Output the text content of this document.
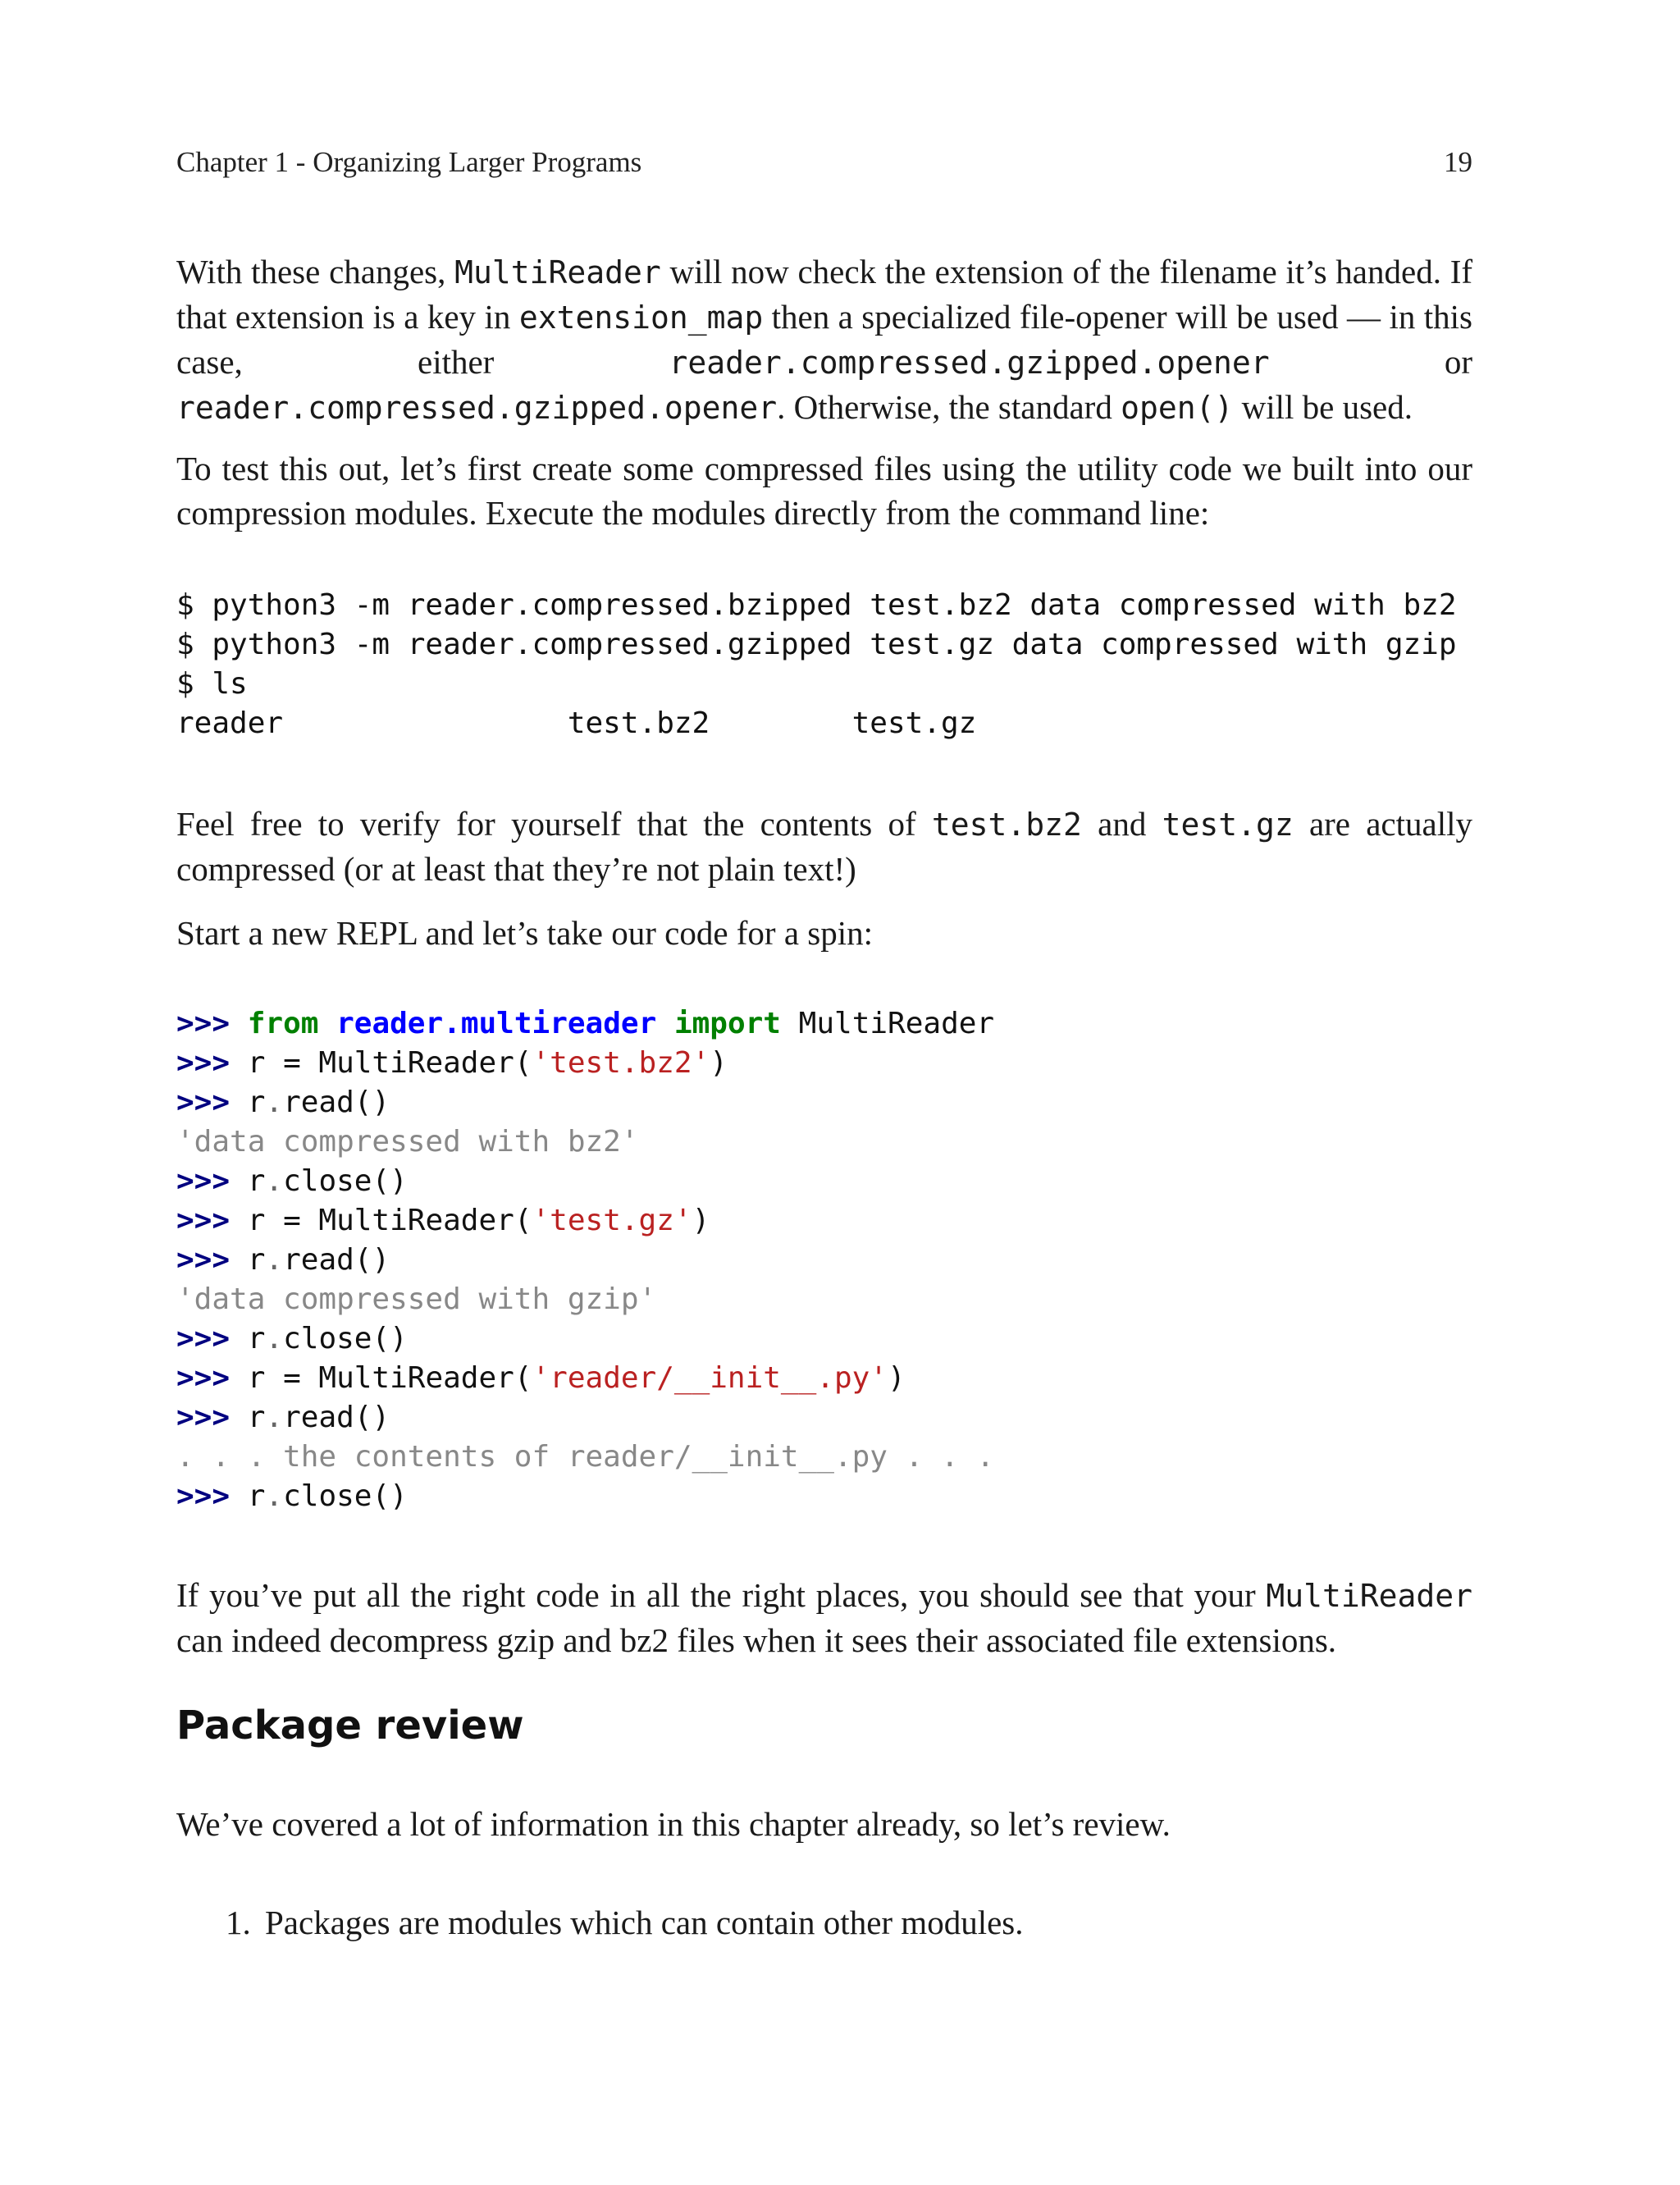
Chapter 1 - Organizing Larger Programs	19

With these changes, MultiReader will now check the extension of the filename it’s handed. If that extension is a key in extension_map then a specialized file-opener will be used — in this case, either reader.compressed.gzipped.opener or reader.compressed.gzipped.opener. Otherwise, the standard open() will be used.

To test this out, let’s first create some compressed files using the utility code we built into our compression modules. Execute the modules directly from the command line:

$ python3 -m reader.compressed.bzipped test.bz2 data compressed with bz2
$ python3 -m reader.compressed.gzipped test.gz data compressed with gzip
$ ls
reader                test.bz2        test.gz

Feel free to verify for yourself that the contents of test.bz2 and test.gz are actually compressed (or at least that they’re not plain text!)

Start a new REPL and let’s take our code for a spin:

>>> from reader.multireader import MultiReader
>>> r = MultiReader('test.bz2')
>>> r.read()
'data compressed with bz2'
>>> r.close()
>>> r = MultiReader('test.gz')
>>> r.read()
'data compressed with gzip'
>>> r.close()
>>> r = MultiReader('reader/__init__.py')
>>> r.read()
. . . the contents of reader/__init__.py . . .
>>> r.close()

If you’ve put all the right code in all the right places, you should see that your MultiReader can indeed decompress gzip and bz2 files when it sees their associated file extensions.

Package review

We’ve covered a lot of information in this chapter already, so let’s review.

1. Packages are modules which can contain other modules.
